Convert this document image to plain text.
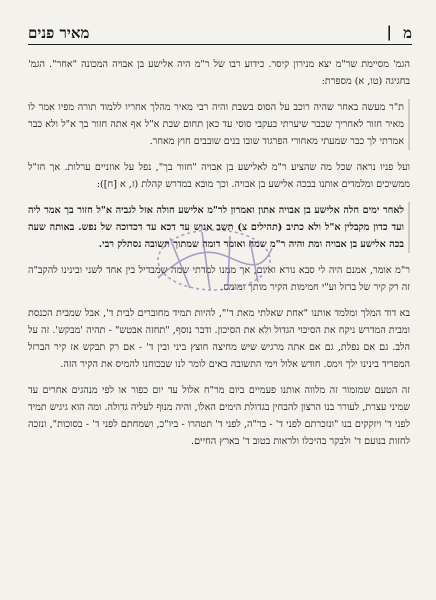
מ
|
מאיר פנים

הגמ' מסיימת שר"מ יצא מנירון קיסר. כידוע רבו של ר"מ היה אלישע בן אבויה המכונה "אחר". הגמ' בחגיגה (טו, א) מספרת:

ת"ר מעשה באחר שהיה רוכב על הסוס בשבת והיה רבי מאיר מהלך אחריו ללמוד תורה מפיו אמר לו מאיר חזור לאחריך שכבר שיערתי בעקבי סוסי עד כאן תחום שבת א"ל אף אתה חזור בך א"ל ולא כבר אמרתי לך כבר שמעתי מאחורי הפרגוד שובו בנים שובבים חוץ מאחר.

ועל פניו נראה שכל מה שהציע ר"מ לאלישע בן אבויה "חזור בך", נפל על אוזניים ערלות. אך חז"ל ממשיכים ומלמדים אותנו בבכה אלישע בן אבויה. וכך מובא במדרש קהלת (ז, א [ח]):

לאחר ימים חלה אלישע בן אבויה אתון ואמרון לר"מ אלישע חולה אזל לגביה א"ל חזור בך אמר ליה ועד כדון מקבלין א"ל ולא כתיב (תהילים צ) תשב אנוש עד דכא עד דכדוכה של נפש. באותה שעה בכה אלישע בן אבויה ומת והיה ר"מ שמח ואומר דומה שמתוך תשובה נסתלק רבי.

ר"מ אומר, אמנם היה לי סבא נורא ואיום, אך ממנו למדתי שמה שמבדיל בין אחד לשני ובינינו להקב"ה זה רק קיר של ברזל וע"י חמימות הקיר מותך ומומס.

בא דוד המלך ומלמד אותנו "אחת שאלתי מאת ד'", להיות תמיד מחוברים לבית ד', אבל שמבית הכנסת ומבית המדרש ניקח את הסיכוי הגדול ולא את הסיכון. ודבר נוסף, "תחזה אבטש" - תהיה 'מבקש'. זה על הלב. גם אם נפלת, גם אם אתה מרגיש שיש מחיצה חוצץ ביני ובין ד' - אם רק תבקש אז קיר הברזל המפריד בינינו ילך וימס. חודש אלול וימי התשובה באים לומר לנו שבכוחנו להמיס את הקיר הזה.

זה הטעם שמזמור זה מלווה אותנו פעמיים ביום מר"ח אלול עד יום כפור או לפי מנהגים אחרים עד שמיני עצרת, לעורר בנו הרצון להבחין בגדולת הימים האלו, והיה מנוף לעליה גדולה. ומה הוא גיגיש תמיד לפני ד' ויזקקים בנו "ונזכרתם לפני ד' - בר"ה, לפני ד' תטהרו - ביו"כ, ושמחתם לפני ד' - בסוכות", ונזכה לחזות בנועם ד' ולבקר בהיכלו ולראות בטוב ד' בארץ החיים.
